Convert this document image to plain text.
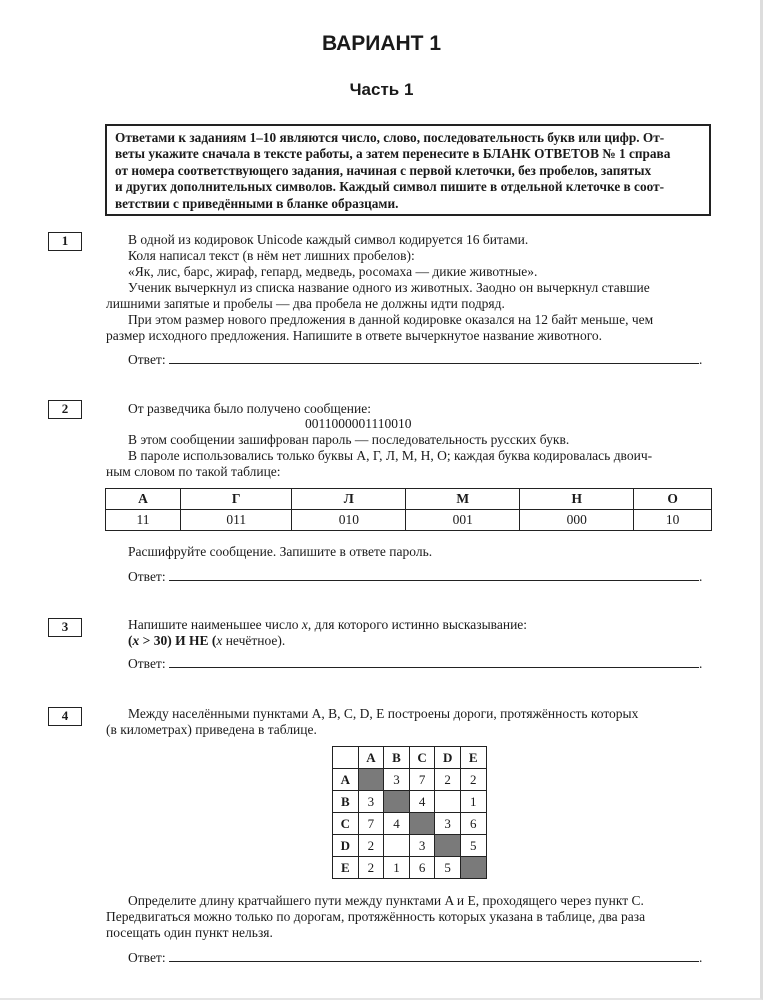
ВАРИАНТ 1
Часть 1
Ответами к заданиям 1–10 являются число, слово, последовательность букв или цифр. От-
веты укажите сначала в тексте работы, а затем перенесите в БЛАНК ОТВЕТОВ № 1 справа
от номера соответствующего задания, начиная с первой клеточки, без пробелов, запятых
и других дополнительных символов. Каждый символ пишите в отдельной клеточке в соот-
ветствии с приведёнными в бланке образцами.
1	В одной из кодировок Unicode каждый символ кодируется 16 битами.
Коля написал текст (в нём нет лишних пробелов):
«Як, лис, барс, жираф, гепард, медведь, росомаха — дикие животные».
Ученик вычеркнул из списка название одного из животных. Заодно он вычеркнул ставшие
лишними запятые и пробелы — два пробела не должны идти подряд.
При этом размер нового предложения в данной кодировке оказался на 12 байт меньше, чем
размер исходного предложения. Напишите в ответе вычеркнутое название животного.
Ответ:	.
2	От разведчика было получено сообщение:
0011000001110010
В этом сообщении зашифрован пароль — последовательность русских букв.
В пароле использовались только буквы А, Г, Л, М, Н, О; каждая буква кодировалась двоич-
ным словом по такой таблице:
А	Г	Л	М	Н	О
11	011	010	001	000	10
Расшифруйте сообщение. Запишите в ответе пароль.
Ответ:	.
3	Напишите наименьшее число x, для которого истинно высказывание:
(x > 30) И НЕ (x нечётное).
Ответ:	.
4	Между населёнными пунктами A, B, C, D, E построены дороги, протяжённость которых
(в километрах) приведена в таблице.
	A	B	C	D	E
A		3	7	2	2
B	3		4		1
C	7	4		3	6
D	2		3		5
E	2	1	6	5	
Определите длину кратчайшего пути между пунктами A и E, проходящего через пункт C.
Передвигаться можно только по дорогам, протяжённость которых указана в таблице, два раза
посещать один пункт нельзя.
Ответ:	.
